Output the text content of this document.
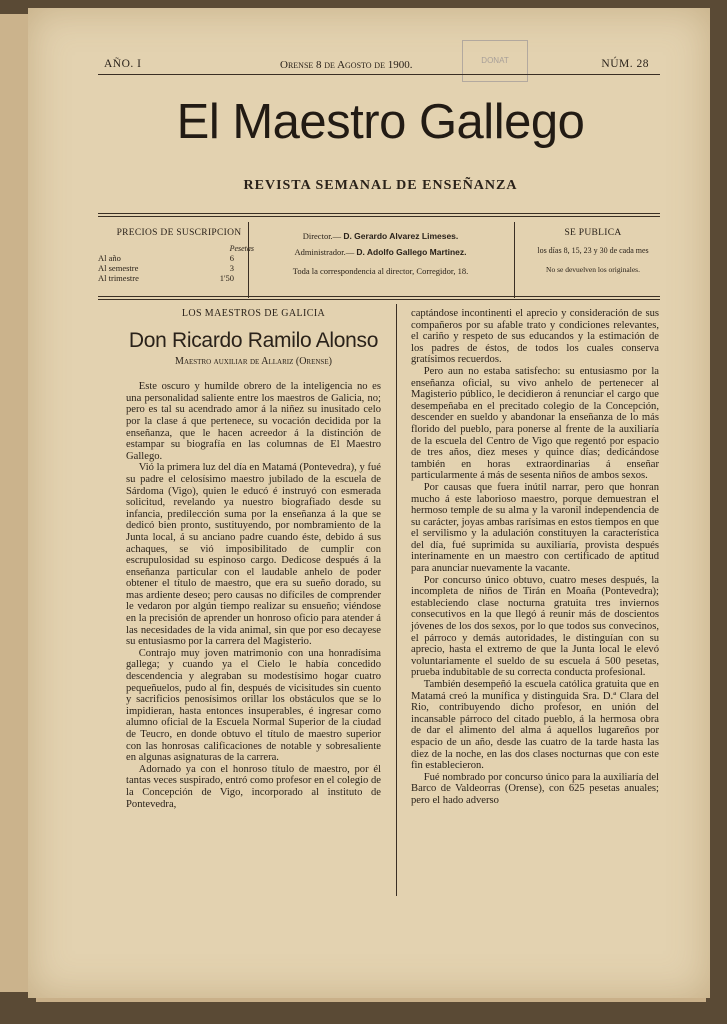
AÑO. I	Orense 8 de Agosto de 1900.	NÚM. 28
DONAT
El Maestro Gallego
REVISTA SEMANAL DE ENSEÑANZA
PRECIOS DE SUSCRIPCION
Pesetas
Al año	6
Al semestre	3
Al trimestre	1'50
Director.— D. Gerardo Alvarez Limeses.
Administrador.— D. Adolfo Gallego Martinez.
Toda la correspondencia al director, Corregidor, 18.
SE PUBLICA
los días 8, 15, 23 y 30 de cada mes
No se devuelven los originales.

LOS MAESTROS DE GALICIA

Don Ricardo Ramilo Alonso
Maestro auxiliar de Allariz (Orense)

Este oscuro y humilde obrero de la inteligencia no es una personalidad saliente entre los maestros de Galicia, no; pero es tal su acendrado amor á la niñez su inusitado celo por la clase á que pertenece, su vocación decidida por la enseñanza, que le hacen acreedor á la distinción de estampar su biografía en las columnas de El Maestro Gallego.

Vió la primera luz del día en Matamá (Pontevedra), y fué su padre el celosísimo maestro jubilado de la escuela de Sárdoma (Vigo), quien le educó é instruyó con esmerada solicitud, revelando ya nuestro biografiado desde su infancia, predilección suma por la enseñanza á la que se dedicó bien pronto, sustituyendo, por nombramiento de la Junta local, á su anciano padre cuando éste, debido á sus achaques, se vió imposibilitado de cumplir con escrupulosidad su espinoso cargo. Dedicose después á la enseñanza particular con el laudable anhelo de poder obtener el título de maestro, que era su sueño dorado, su mas ardiente deseo; pero causas no difíciles de comprender le vedaron por algún tiempo realizar su ensueño; viéndose en la precisión de aprender un honroso oficio para atender á las necesidades de la vida animal, sin que por eso decayese su entusiasmo por la carrera del Magisterio.

Contrajo muy joven matrimonio con una honradísima gallega; y cuando ya el Cielo le había concedido descendencia y alegraban su modestísimo hogar cuatro pequeñuelos, pudo al fin, después de vicisitudes sin cuento y sacrificios penosísimos orillar los obstáculos que se lo impidieran, hasta entonces insuperables, é ingresar como alumno oficial de la Escuela Normal Superior de la ciudad de Teucro, en donde obtuvo el título de maestro superior con las honrosas calificaciones de notable y sobresaliente en algunas asignaturas de la carrera.

Adornado ya con el honroso título de maestro, por él tantas veces suspirado, entró como profesor en el colegio de la Concepción de Vigo, incorporado al instituto de Pontevedra,

captándose incontinenti el aprecio y consideración de sus compañeros por su afable trato y condiciones relevantes, el cariño y respeto de sus educandos y la estimación de los padres de éstos, de todos los cuales conserva gratísimos recuerdos.

Pero aun no estaba satisfecho: su entusiasmo por la enseñanza oficial, su vivo anhelo de pertenecer al Magisterio público, le decidieron á renunciar el cargo que desempeñaba en el precitado colegio de la Concepción, descender en sueldo y abandonar la enseñanza de lo más florido del pueblo, para ponerse al frente de la auxiliaría de la escuela del Centro de Vigo que regentó por espacio de tres años, diez meses y quince días; dedicándose también en horas extraordinarias á enseñar particularmente á más de sesenta niños de ambos sexos.

Por causas que fuera inútil narrar, pero que honran mucho á este laborioso maestro, porque demuestran el hermoso temple de su alma y la varonil independencia de su carácter, joyas ambas rarísimas en estos tiempos en que el servilismo y la adulación constituyen la característica del día, fué suprimida su auxiliaría, provista después interinamente en un maestro con certificado de aptitud para anunciar nuevamente la vacante.

Por concurso único obtuvo, cuatro meses después, la incompleta de niños de Tirán en Moaña (Pontevedra); estableciendo clase nocturna gratuita tres inviernos consecutivos en la que llegó á reunir más de doscientos jóvenes de los dos sexos, por lo que todos sus convecinos, el párroco y demás autoridades, le distinguían con su aprecio, hasta el extremo de que la Junta local le elevó voluntariamente el sueldo de su escuela á 500 pesetas, prueba indubitable de su correcta conducta profesional.

También desempeñó la escuela católica gratuita que en Matamá creó la munífica y distinguida Sra. D.ª Clara del Rio, contribuyendo dicho profesor, en unión del incansable párroco del citado pueblo, á la hermosa obra de dar el alimento del alma á aquellos lugareños por espacio de un año, desde las cuatro de la tarde hasta las diez de la noche, en las dos clases nocturnas que con este fin establecieron.

Fué nombrado por concurso único para la auxiliaría del Barco de Valdeorras (Orense), con 625 pesetas anuales; pero el hado adverso
